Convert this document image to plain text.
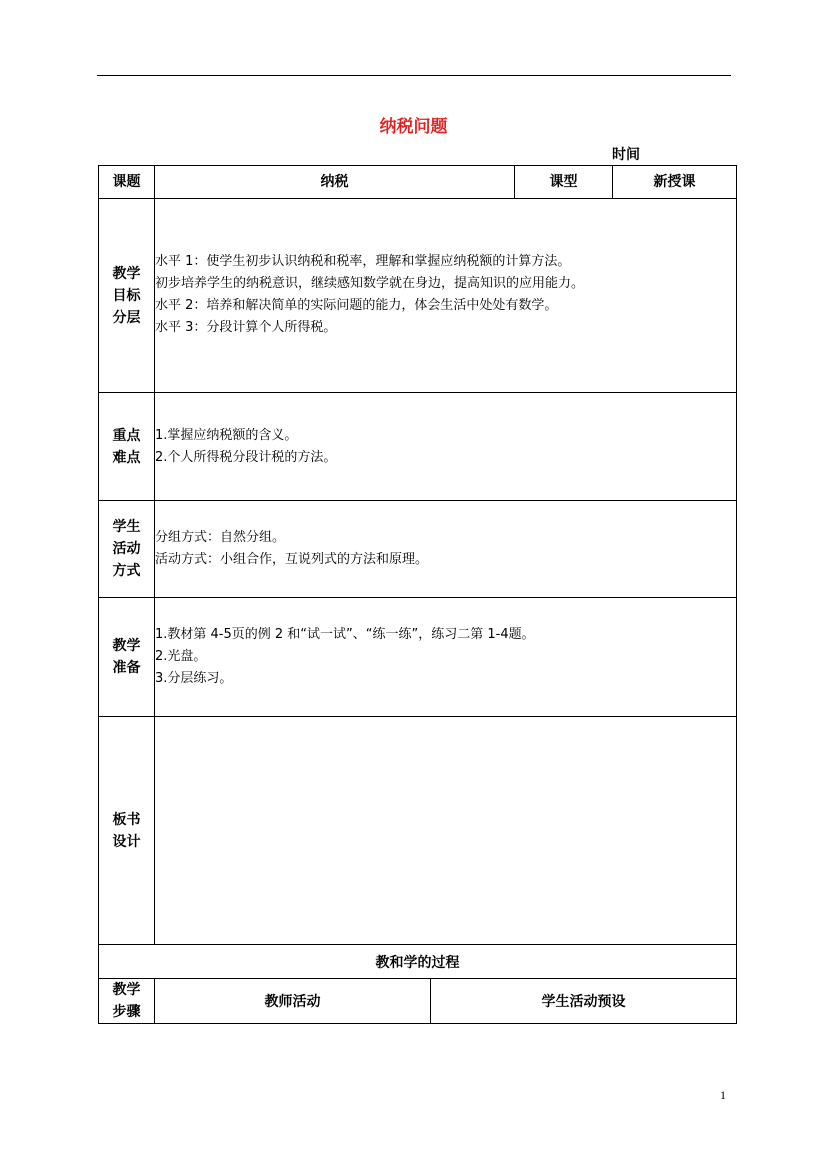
纳税问题
时间
课题	纳税		课型	新授课

教学
目标
分层	水平 1：使学生初步认识纳税和税率，理解和掌握应纳税额的计算方法。
初步培养学生的纳税意识，继续感知数学就在身边，提高知识的应用能力。
水平 2：培养和解决简单的实际问题的能力，体会生活中处处有数学。
水平 3：分段计算个人所得税。			

重点
难点	1.掌握应纳税额的含义。
2.个人所得税分段计税的方法。			

学生
活动
方式	分组方式：自然分组。
活动方式：小组合作，互说列式的方法和原理。			

教学
准备	1.教材第 4-5页的例 2 和“试一试”、“练一练”，练习二第 1-4题。
2.光盘。
3.分层练习。			

板书
设计				

教和学的过程				

教学
步骤	教师活动	学生活动预设		
1
